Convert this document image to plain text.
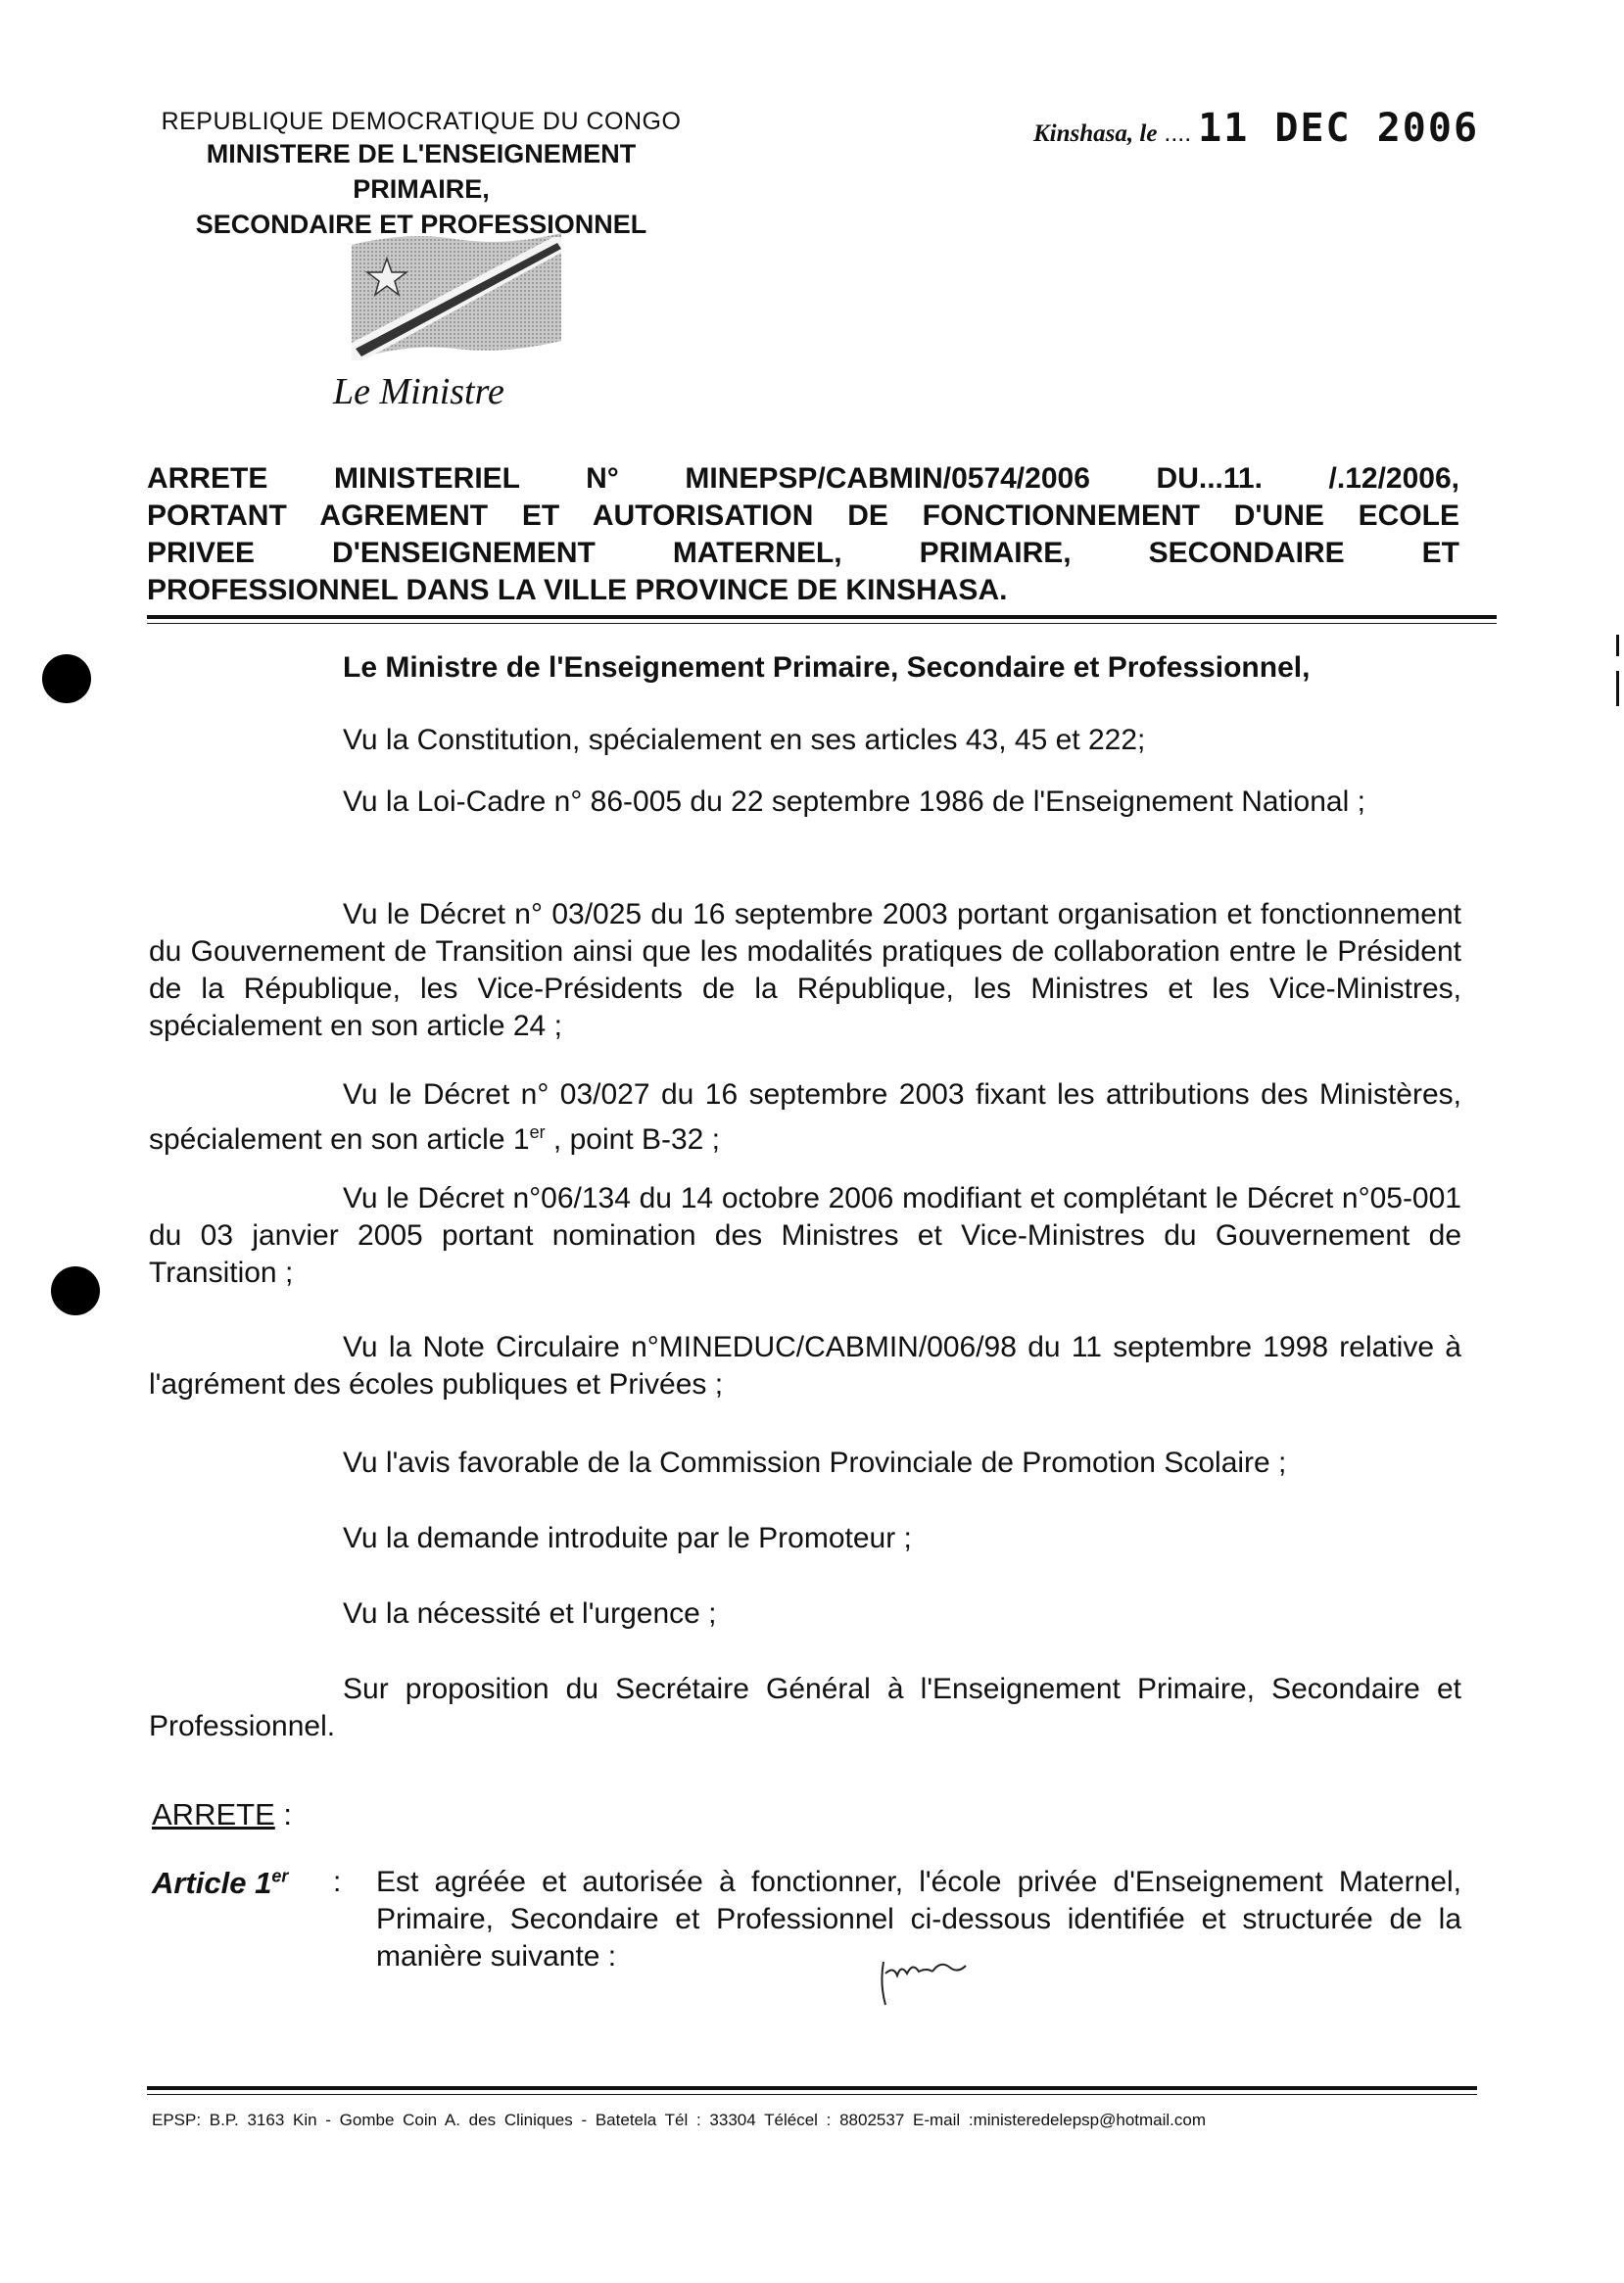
REPUBLIQUE DEMOCRATIQUE DU CONGO
MINISTERE DE L'ENSEIGNEMENT PRIMAIRE,
SECONDAIRE ET PROFESSIONNEL
Kinshasa, le .... 11 DEC 2006
Le Ministre
ARRETE MINISTERIEL N° MINEPSP/CABMIN/0574/2006 DU...11. /.12/2006,
PORTANT AGREMENT ET AUTORISATION DE FONCTIONNEMENT D'UNE ECOLE
PRIVEE D'ENSEIGNEMENT MATERNEL, PRIMAIRE, SECONDAIRE ET
PROFESSIONNEL DANS LA VILLE PROVINCE DE KINSHASA.
Le Ministre de l'Enseignement Primaire, Secondaire et Professionnel,

Vu la Constitution, spécialement en ses articles 43, 45 et 222;

Vu la Loi-Cadre n° 86-005 du 22 septembre 1986 de l'Enseignement National ;

Vu le Décret n° 03/025 du 16 septembre 2003 portant organisation et fonctionnement du Gouvernement de Transition ainsi que les modalités pratiques de collaboration entre le Président de la République, les Vice-Présidents de la République, les Ministres et les Vice-Ministres, spécialement en son article 24 ;

Vu le Décret n° 03/027 du 16 septembre 2003 fixant les attributions des Ministères, spécialement en son article 1er , point B-32 ;

Vu le Décret n°06/134 du 14 octobre 2006 modifiant et complétant le Décret n°05-001 du 03 janvier 2005 portant nomination des Ministres et Vice-Ministres du Gouvernement de Transition ;

Vu la Note Circulaire n°MINEDUC/CABMIN/006/98 du 11 septembre 1998 relative à l'agrément des écoles publiques et Privées ;

Vu l'avis favorable de la Commission Provinciale de Promotion Scolaire ;

Vu la demande introduite par le Promoteur ;

Vu la nécessité et l'urgence ;

Sur proposition du Secrétaire Général à l'Enseignement Primaire, Secondaire et Professionnel.

ARRETE :
Article 1er : Est agréée et autorisée à fonctionner, l'école privée d'Enseignement Maternel, Primaire, Secondaire et Professionnel ci-dessous identifiée et structurée de la manière suivante :
EPSP: B.P. 3163 Kin - Gombe Coin A. des Cliniques - Batetela Tél : 33304 Télécel : 8802537 E-mail :ministeredelepsp@hotmail.com
